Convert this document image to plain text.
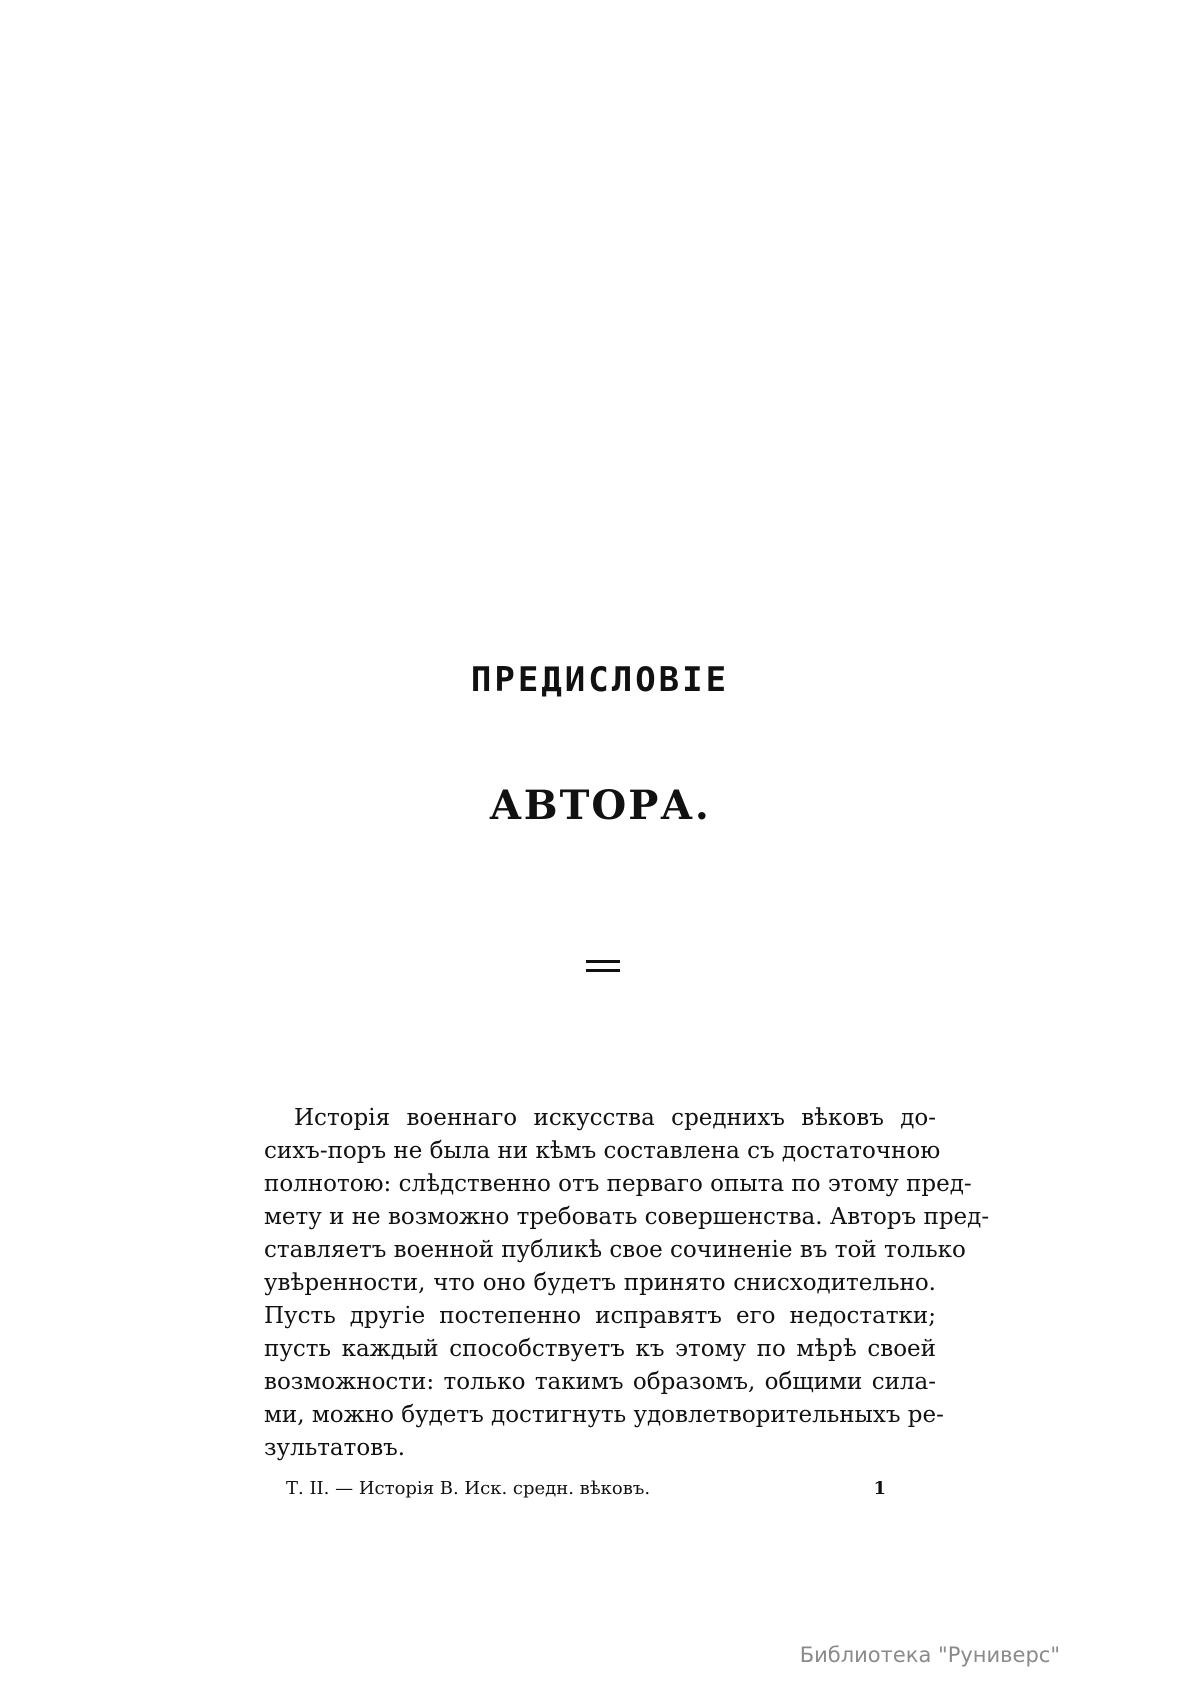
ПРЕДИСЛОВІЕ
АВТОРА.
Исторія военнаго искусства среднихъ вѣковъ до-
сихъ-поръ не была ни кѣмъ составлена съ достаточною
полнотою: слѣдственно отъ перваго опыта по этому пред-
мету и не возможно требовать совершенства. Авторъ пред-
ставляетъ военной публикѣ свое сочиненіе въ той только
увѣренности, что оно будетъ принято снисходительно.
Пусть другіе постепенно исправятъ его недостатки;
пусть каждый способствуетъ къ этому по мѣрѣ своей
возможности: только такимъ образомъ, общими сила-
ми, можно будетъ достигнуть удовлетворительныхъ ре-
зультатовъ.
Т. II. — Исторія В. Иск. средн. вѣковъ.	1
Библиотека "Руниверс"
